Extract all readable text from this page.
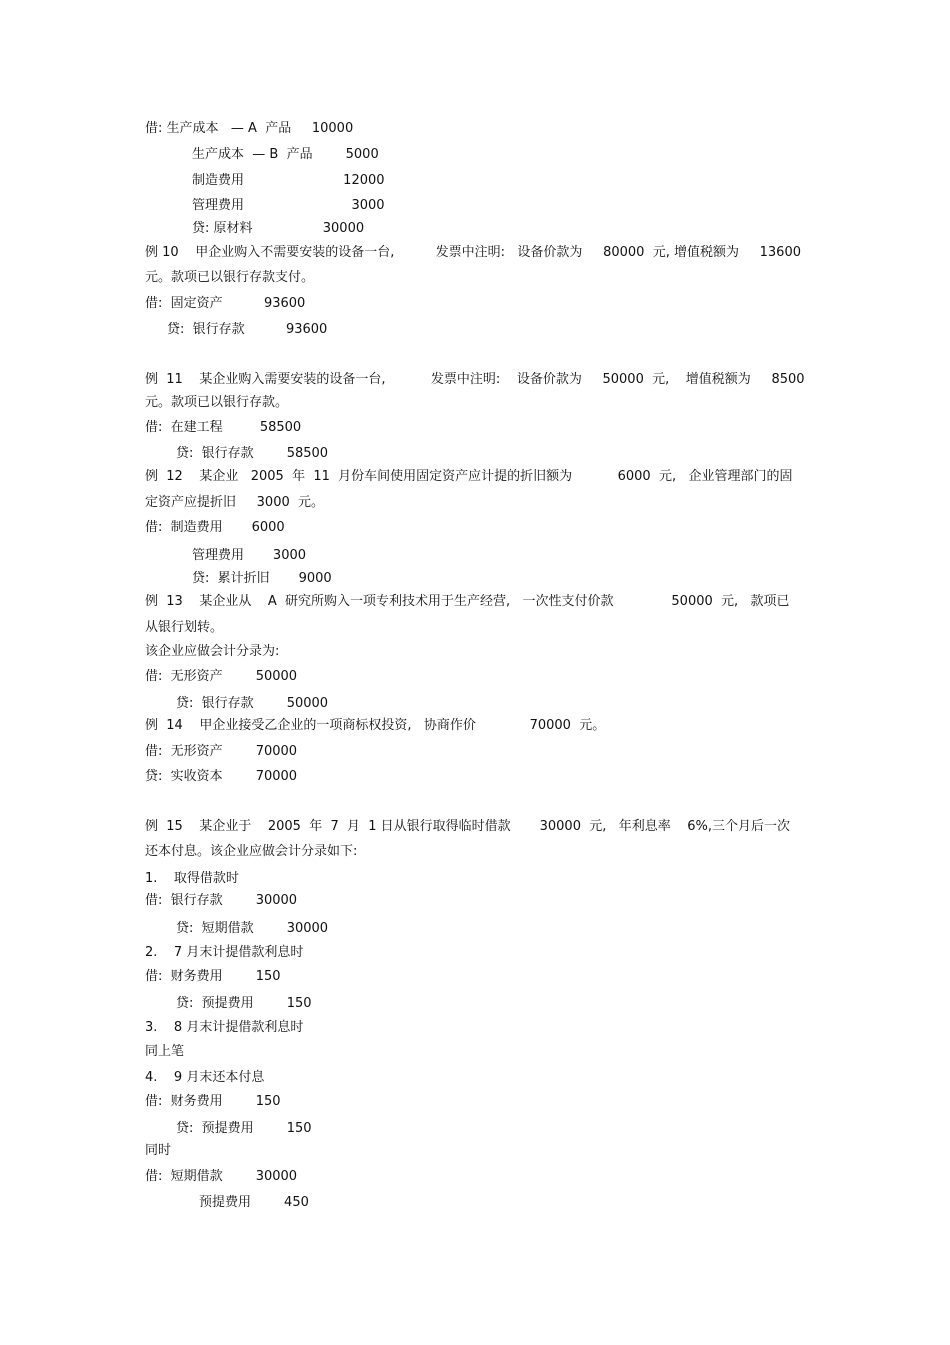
借: 生产成本   — A  产品     10000

生产成本  — B  产品        5000

制造费用                        12000

管理费用                          3000

贷: 原材料                 30000

例 10    甲企业购入不需要安装的设备一台,          发票中注明:   设备价款为     80000  元, 增值税额为     13600

元。款项已以银行存款支付。

借:  固定资产          93600

贷:  银行存款          93600

例  11    某企业购入需要安装的设备一台,           发票中注明:    设备价款为     50000  元,    增值税额为     8500

元。款项已以银行存款。

借:  在建工程         58500

贷:  银行存款        58500

例  12    某企业   2005  年  11  月份车间使用固定资产应计提的折旧额为           6000  元,   企业管理部门的固

定资产应提折旧     3000  元。

借:  制造费用       6000

管理费用       3000

贷:  累计折旧       9000

例  13    某企业从    A  研究所购入一项专利技术用于生产经营,   一次性支付价款              50000  元,   款项已

从银行划转。

该企业应做会计分录为:

借:  无形资产        50000

贷:  银行存款        50000

例  14    甲企业接受乙企业的一项商标权投资,   协商作价             70000  元。

借:  无形资产        70000

贷:  实收资本        70000

例  15    某企业于    2005  年  7  月  1 日从银行取得临时借款       30000  元,   年利息率    6%,三个月后一次

还本付息。该企业应做会计分录如下:

1.    取得借款时

借:  银行存款        30000

贷:  短期借款        30000

2.    7 月末计提借款利息时

借:  财务费用        150

贷:  预提费用        150

3.    8 月末计提借款利息时

同上笔

4.    9 月末还本付息

借:  财务费用        150

贷:  预提费用        150

同时

借:  短期借款        30000

预提费用        450
